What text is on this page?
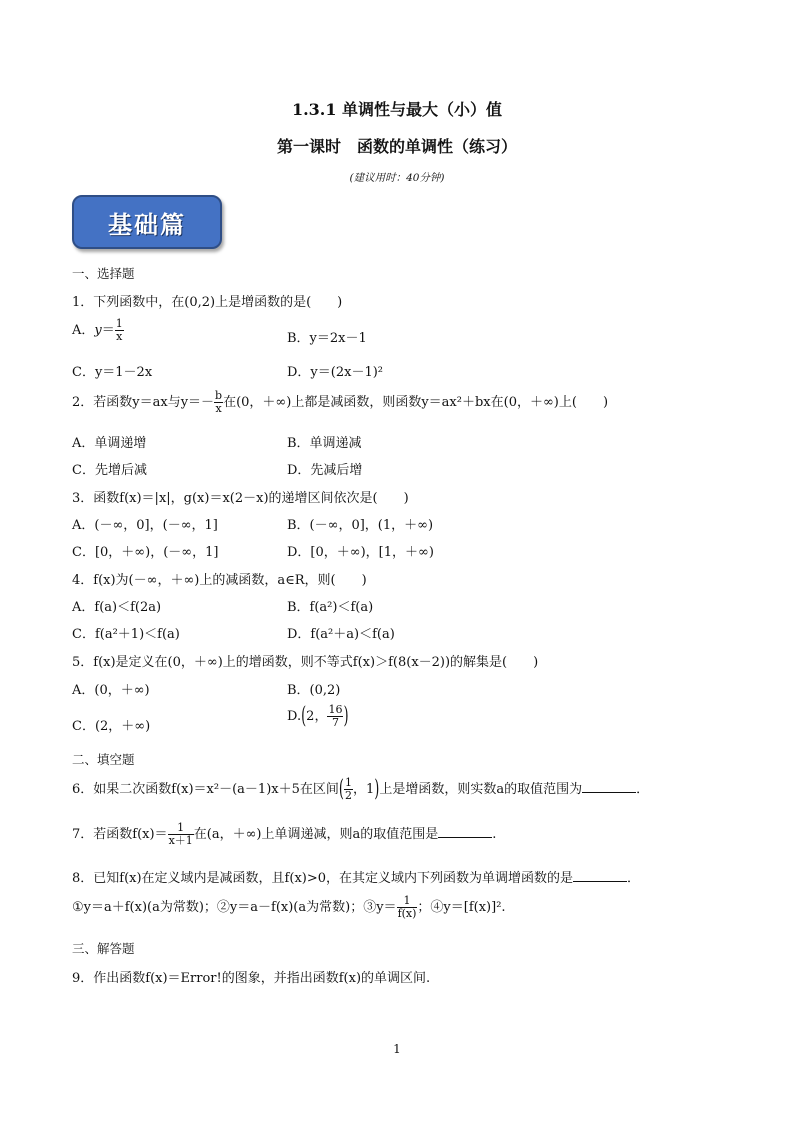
1.3.1 单调性与最大（小）值
第一课时　函数的单调性（练习）
(建议用时：40分钟)
基础篇
一、选择题
1．下列函数中，在(0,2)上是增函数的是(　　)
A．$y= \frac{1}{x}$	B．y＝2x－1
C．y＝1－2x	D．y＝(2x－1)²
2．若函数y＝ax与$y=- \frac{b}{x}$ 在(0，＋∞)上都是减函数，则函数y＝ax²＋bx在(0，＋∞)上(　　)
A．单调递增	B．单调递减
C．先增后减	D．先减后增
3．函数f(x)＝|x|，g(x)＝x(2－x)的递增区间依次是(　　)
A．(－∞，0]，(－∞，1]	B．(－∞，0]，(1，＋∞)
C．[0，＋∞)，(－∞，1]	D．[0，＋∞)，[1，＋∞)
4．f(x)为(－∞，＋∞)上的减函数，a∈R，则(　　)
A．f(a)＜f(2a)	B．f(a²)＜f(a)
C．f(a²＋1)＜f(a)	D．f(a²＋a)＜f(a)
5．f(x)是定义在(0，＋∞)上的增函数，则不等式f(x)＞f(8(x－2))的解集是(　　)
A．(0，＋∞)	B．(0,2)
C．(2，＋∞)
D.(2， $\frac{16}{7}$ )
二、填空题
6．如果二次函数f(x)＝x²－(a－1)x＋5在区间( $\frac{1}{2}$ ，1)上是增函数，则实数a的取值范围为	．
7．若函数$f(x)= \frac{1}{x+1}$ 在(a，＋∞)上单调递减，则a的取值范围是	.
8．已知f(x)在定义域内是减函数，且f(x)>0，在其定义域内下列函数为单调增函数的是	．
①y＝a＋f(x)(a为常数)；②y＝a－f(x)(a为常数)；③y＝ $\frac{1}{f(x)}$ ；④y＝[f(x)]².
三、解答题
9．作出函数f(x)＝Error!的图象，并指出函数f(x)的单调区间.
1
